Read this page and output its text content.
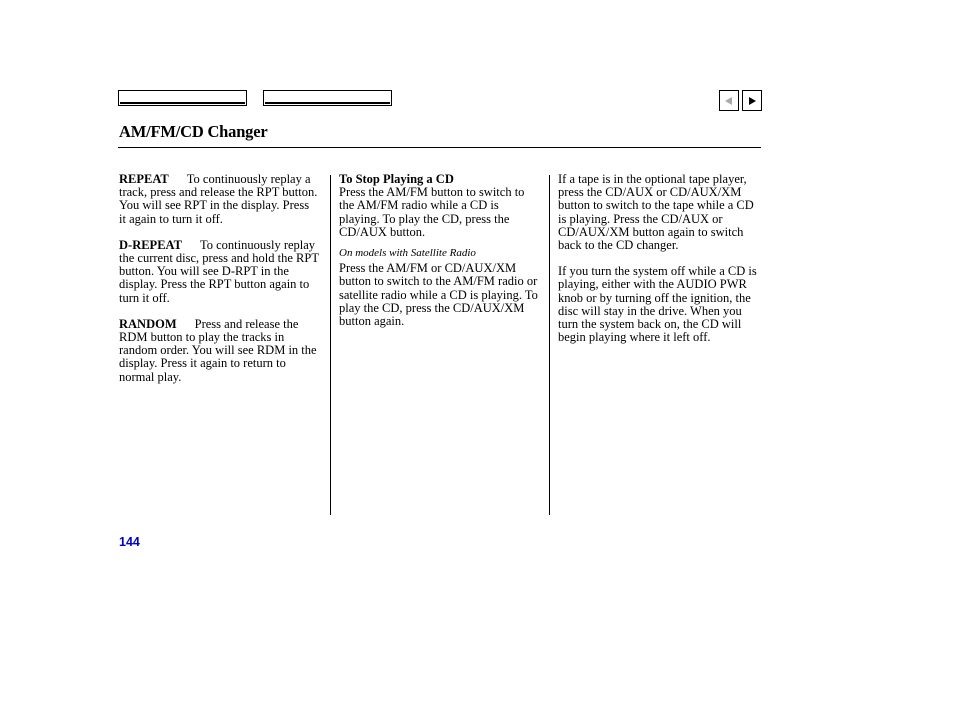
AM/FM/CD Changer

REPEAT To continuously replay a track, press and release the RPT button. You will see RPT in the display. Press it again to turn it off.

D-REPEAT To continuously replay the current disc, press and hold the RPT button. You will see D-RPT in the display. Press the RPT button again to turn it off.

RANDOM Press and release the RDM button to play the tracks in random order. You will see RDM in the display. Press it again to return to normal play.

To Stop Playing a CD
Press the AM/FM button to switch to the AM/FM radio while a CD is playing. To play the CD, press the CD/AUX button.

On models with Satellite Radio

Press the AM/FM or CD/AUX/XM button to switch to the AM/FM radio or satellite radio while a CD is playing. To play the CD, press the CD/AUX/XM button again.

If a tape is in the optional tape player, press the CD/AUX or CD/AUX/XM button to switch to the tape while a CD is playing. Press the CD/AUX or CD/AUX/XM button again to switch back to the CD changer.

If you turn the system off while a CD is playing, either with the AUDIO PWR knob or by turning off the ignition, the disc will stay in the drive. When you turn the system back on, the CD will begin playing where it left off.

144
